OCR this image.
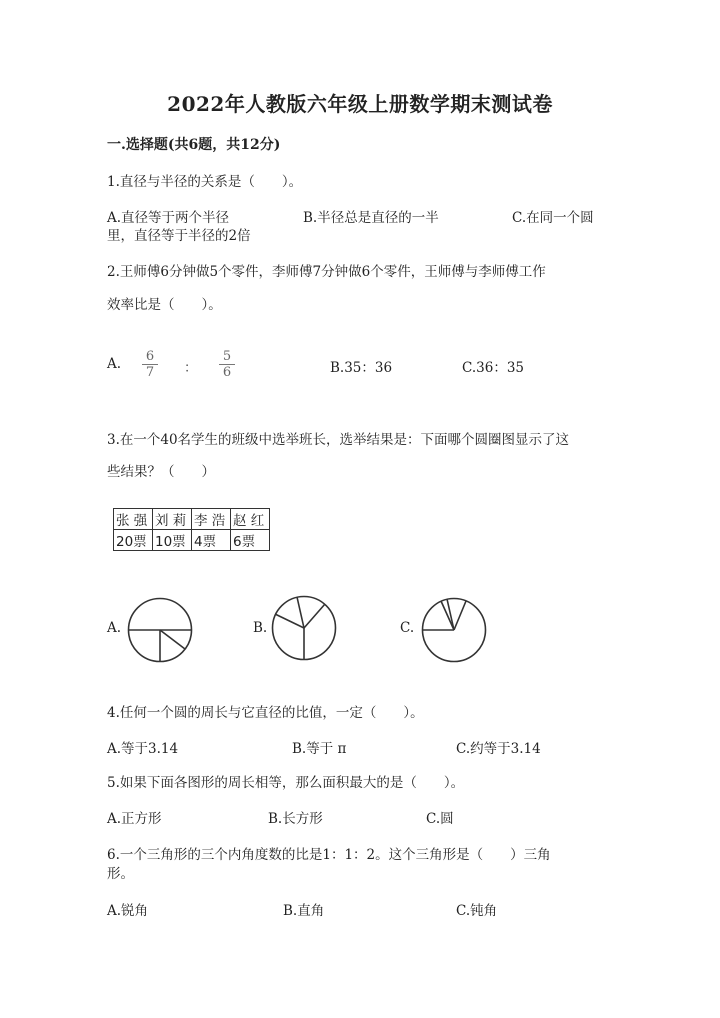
2022年人教版六年级上册数学期末测试卷
一.选择题(共6题，共12分)
1.直径与半径的关系是（　　）。
A.直径等于两个半径	B.半径总是直径的一半	C.在同一个圆
里，直径等于半径的2倍
2.王师傅6分钟做5个零件，李师傅7分钟做6个零件，王师傅与李师傅工作
效率比是（　　）。
A. $\frac{6}{7}$ ： $\frac{5}{6}$	B.35：36	C.36：35
3.在一个40名学生的班级中选举班长，选举结果是：下面哪个圆圈图显示了这
些结果？（　　）
张 强	刘 莉	李 浩	赵 红
20票	10票	4票	6票
A.	B.	C.
4.任何一个圆的周长与它直径的比值，一定（　　）。
A.等于3.14	B.等于 π	C.约等于3.14
5.如果下面各图形的周长相等，那么面积最大的是（　　）。
A.正方形	B.长方形	C.圆
6.一个三角形的三个内角度数的比是1：1：2。这个三角形是（　　）三角
形。
A.锐角	B.直角	C.钝角
